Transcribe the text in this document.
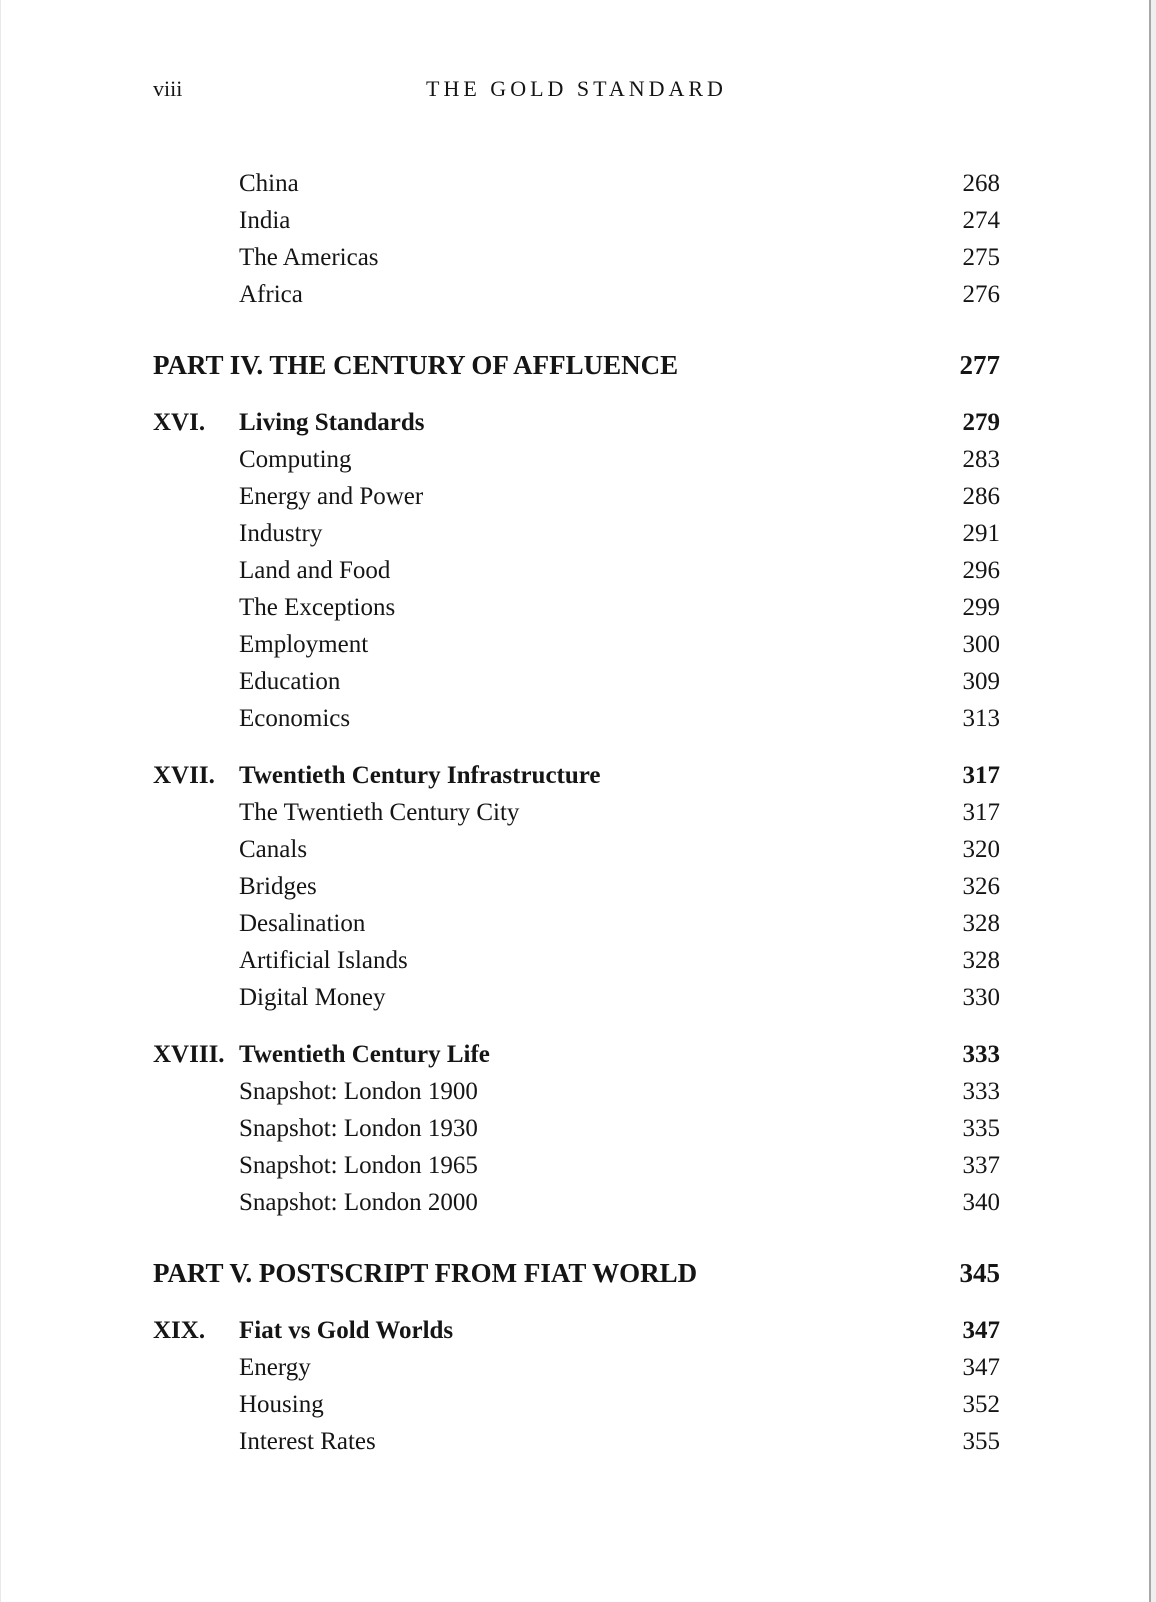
viii	THE GOLD STANDARD
China	268
India	274
The Americas	275
Africa	276
PART IV. THE CENTURY OF AFFLUENCE	277
XVI.	Living Standards	279
Computing	283
Energy and Power	286
Industry	291
Land and Food	296
The Exceptions	299
Employment	300
Education	309
Economics	313
XVII. Twentieth Century Infrastructure	317
The Twentieth Century City	317
Canals	320
Bridges	326
Desalination	328
Artificial Islands	328
Digital Money	330
XVIII. Twentieth Century Life	333
Snapshot: London 1900	333
Snapshot: London 1930	335
Snapshot: London 1965	337
Snapshot: London 2000	340
PART V. POSTSCRIPT FROM FIAT WORLD	345
XIX.	Fiat vs Gold Worlds	347
Energy	347
Housing	352
Interest Rates	355
